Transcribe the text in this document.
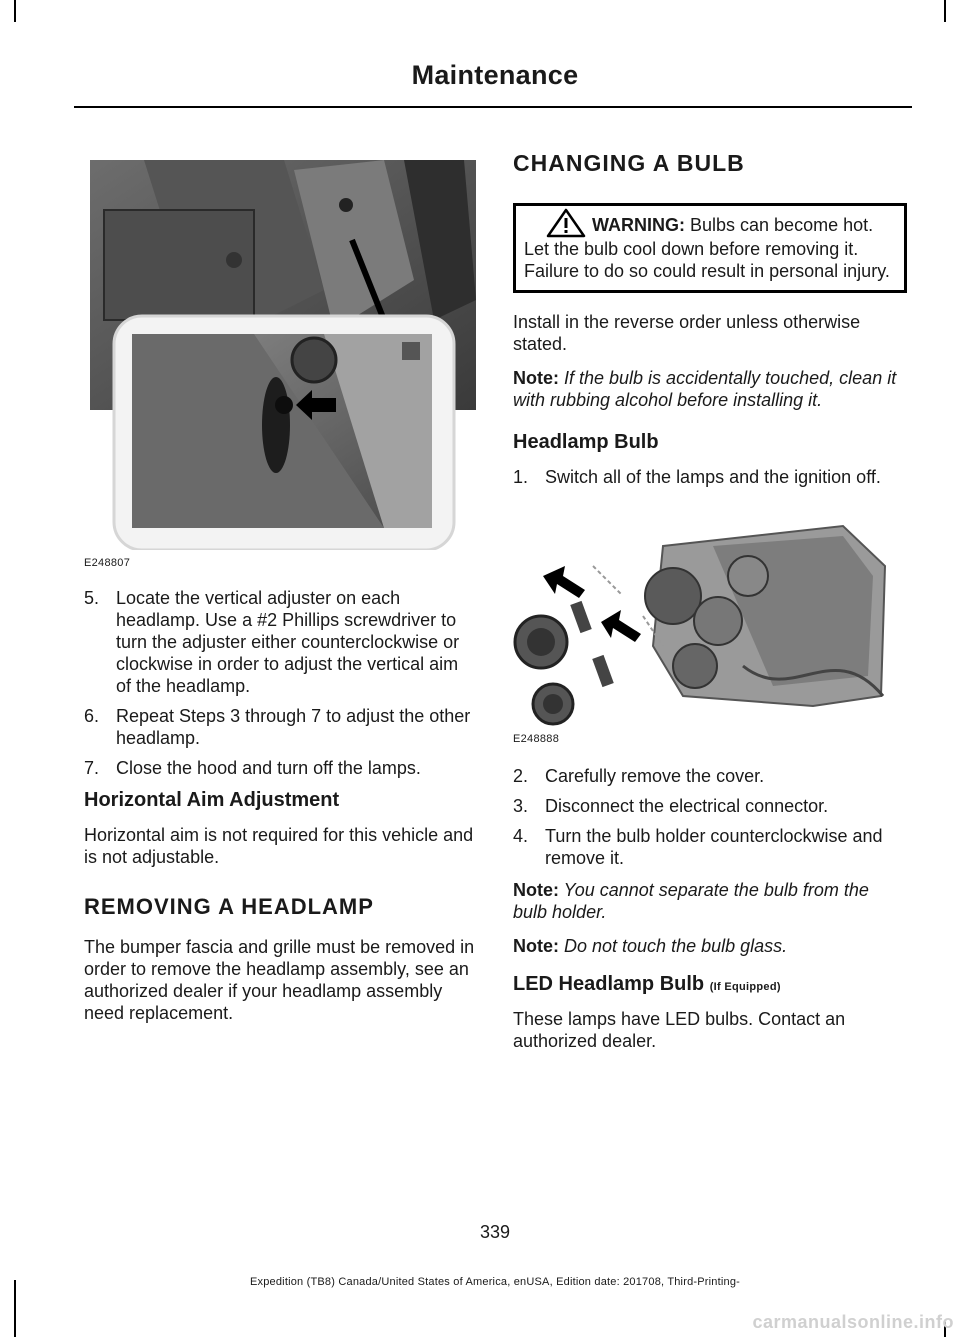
Maintenance
E248807
5. Locate the vertical adjuster on each headlamp. Use a #2 Phillips screwdriver to turn the adjuster either counterclockwise or clockwise in order to adjust the vertical aim of the headlamp.
6. Repeat Steps 3 through 7 to adjust the other headlamp.
7. Close the hood and turn off the lamps.
Horizontal Aim Adjustment

Horizontal aim is not required for this vehicle and is not adjustable.

REMOVING A HEADLAMP

The bumper fascia and grille must be removed in order to remove the headlamp assembly, see an authorized dealer if your headlamp assembly need replacement.

CHANGING A BULB

WARNING: Bulbs can become hot. Let the bulb cool down before removing it. Failure to do so could result in personal injury.

Install in the reverse order unless otherwise stated.

Note: If the bulb is accidentally touched, clean it with rubbing alcohol before installing it.

Headlamp Bulb
1. Switch all of the lamps and the ignition off.
E248888
2. Carefully remove the cover.
3. Disconnect the electrical connector.
4. Turn the bulb holder counterclockwise and remove it.

Note: You cannot separate the bulb from the bulb holder.

Note: Do not touch the bulb glass.

LED Headlamp Bulb (If Equipped)

These lamps have LED bulbs. Contact an authorized dealer.

339
Expedition (TB8) Canada/United States of America, enUSA, Edition date: 201708, Third-Printing-
carmanualsonline.info
